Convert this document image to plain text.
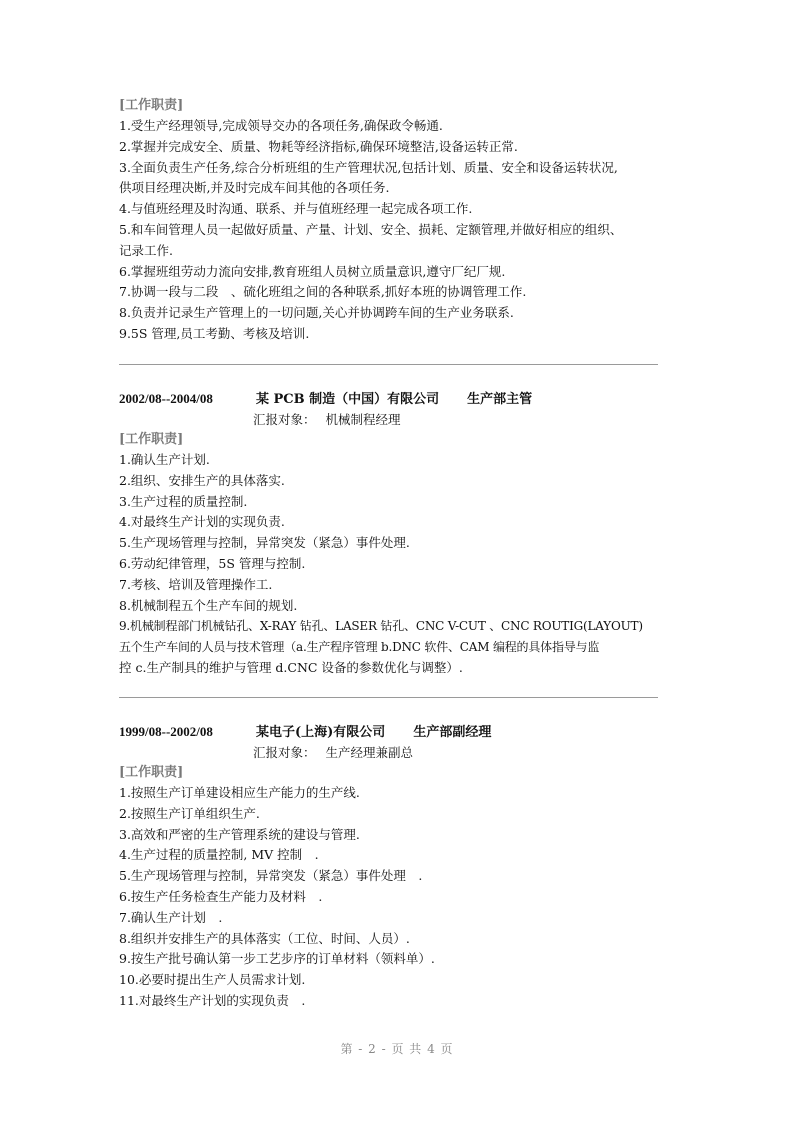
[工作职责]

1.受生产经理领导,完成领导交办的各项任务,确保政令畅通.

2.掌握并完成安全、质量、物耗等经济指标,确保环境整洁,设备运转正常.

3.全面负责生产任务,综合分析班组的生产管理状况,包括计划、质量、安全和设备运转状况,

供项目经理决断,并及时完成车间其他的各项任务.

4.与值班经理及时沟通、联系、并与值班经理一起完成各项工作.

5.和车间管理人员一起做好质量、产量、计划、安全、损耗、定额管理,并做好相应的组织、

记录工作.

6.掌握班组劳动力流向安排,教育班组人员树立质量意识,遵守厂纪厂规.

7.协调一段与二段　、硫化班组之间的各种联系,抓好本班的协调管理工作.

8.负责并记录生产管理上的一切问题,关心并协调跨车间的生产业务联系.

9.5S 管理,员工考勤、考核及培训.

2002/08--2004/08	某 PCB 制造（中国）有限公司 生产部主管
汇报对象： 机械制程经理
[工作职责]

1.确认生产计划.

2.组织、安排生产的具体落实.

3.生产过程的质量控制.

4.对最终生产计划的实现负责.

5.生产现场管理与控制，异常突发（紧急）事件处理.

6.劳动纪律管理，5S 管理与控制.

7.考核、培训及管理操作工.

8.机械制程五个生产车间的规划.

9.机械制程部门机械钻孔、X-RAY 钻孔、LASER 钻孔、CNC V-CUT 、CNC ROUTIG(LAYOUT)

五个生产车间的人员与技术管理（a.生产程序管理 b.DNC 软件、CAM 编程的具体指导与监

控 c.生产制具的维护与管理 d.CNC 设备的参数优化与调整）.

1999/08--2002/08	某电子(上海)有限公司 生产部副经理
汇报对象： 生产经理兼副总
[工作职责]

1.按照生产订单建设相应生产能力的生产线.

2.按照生产订单组织生产.

3.高效和严密的生产管理系统的建设与管理.

4.生产过程的质量控制, MV 控制　.

5.生产现场管理与控制，异常突发（紧急）事件处理　.

6.按生产任务检查生产能力及材料　.

7.确认生产计划　.

8.组织并安排生产的具体落实（工位、时间、人员）.

9.按生产批号确认第一步工艺步序的订单材料（领料单）.

10.必要时提出生产人员需求计划.

11.对最终生产计划的实现负责　.

第 - 2 - 页 共 4 页
